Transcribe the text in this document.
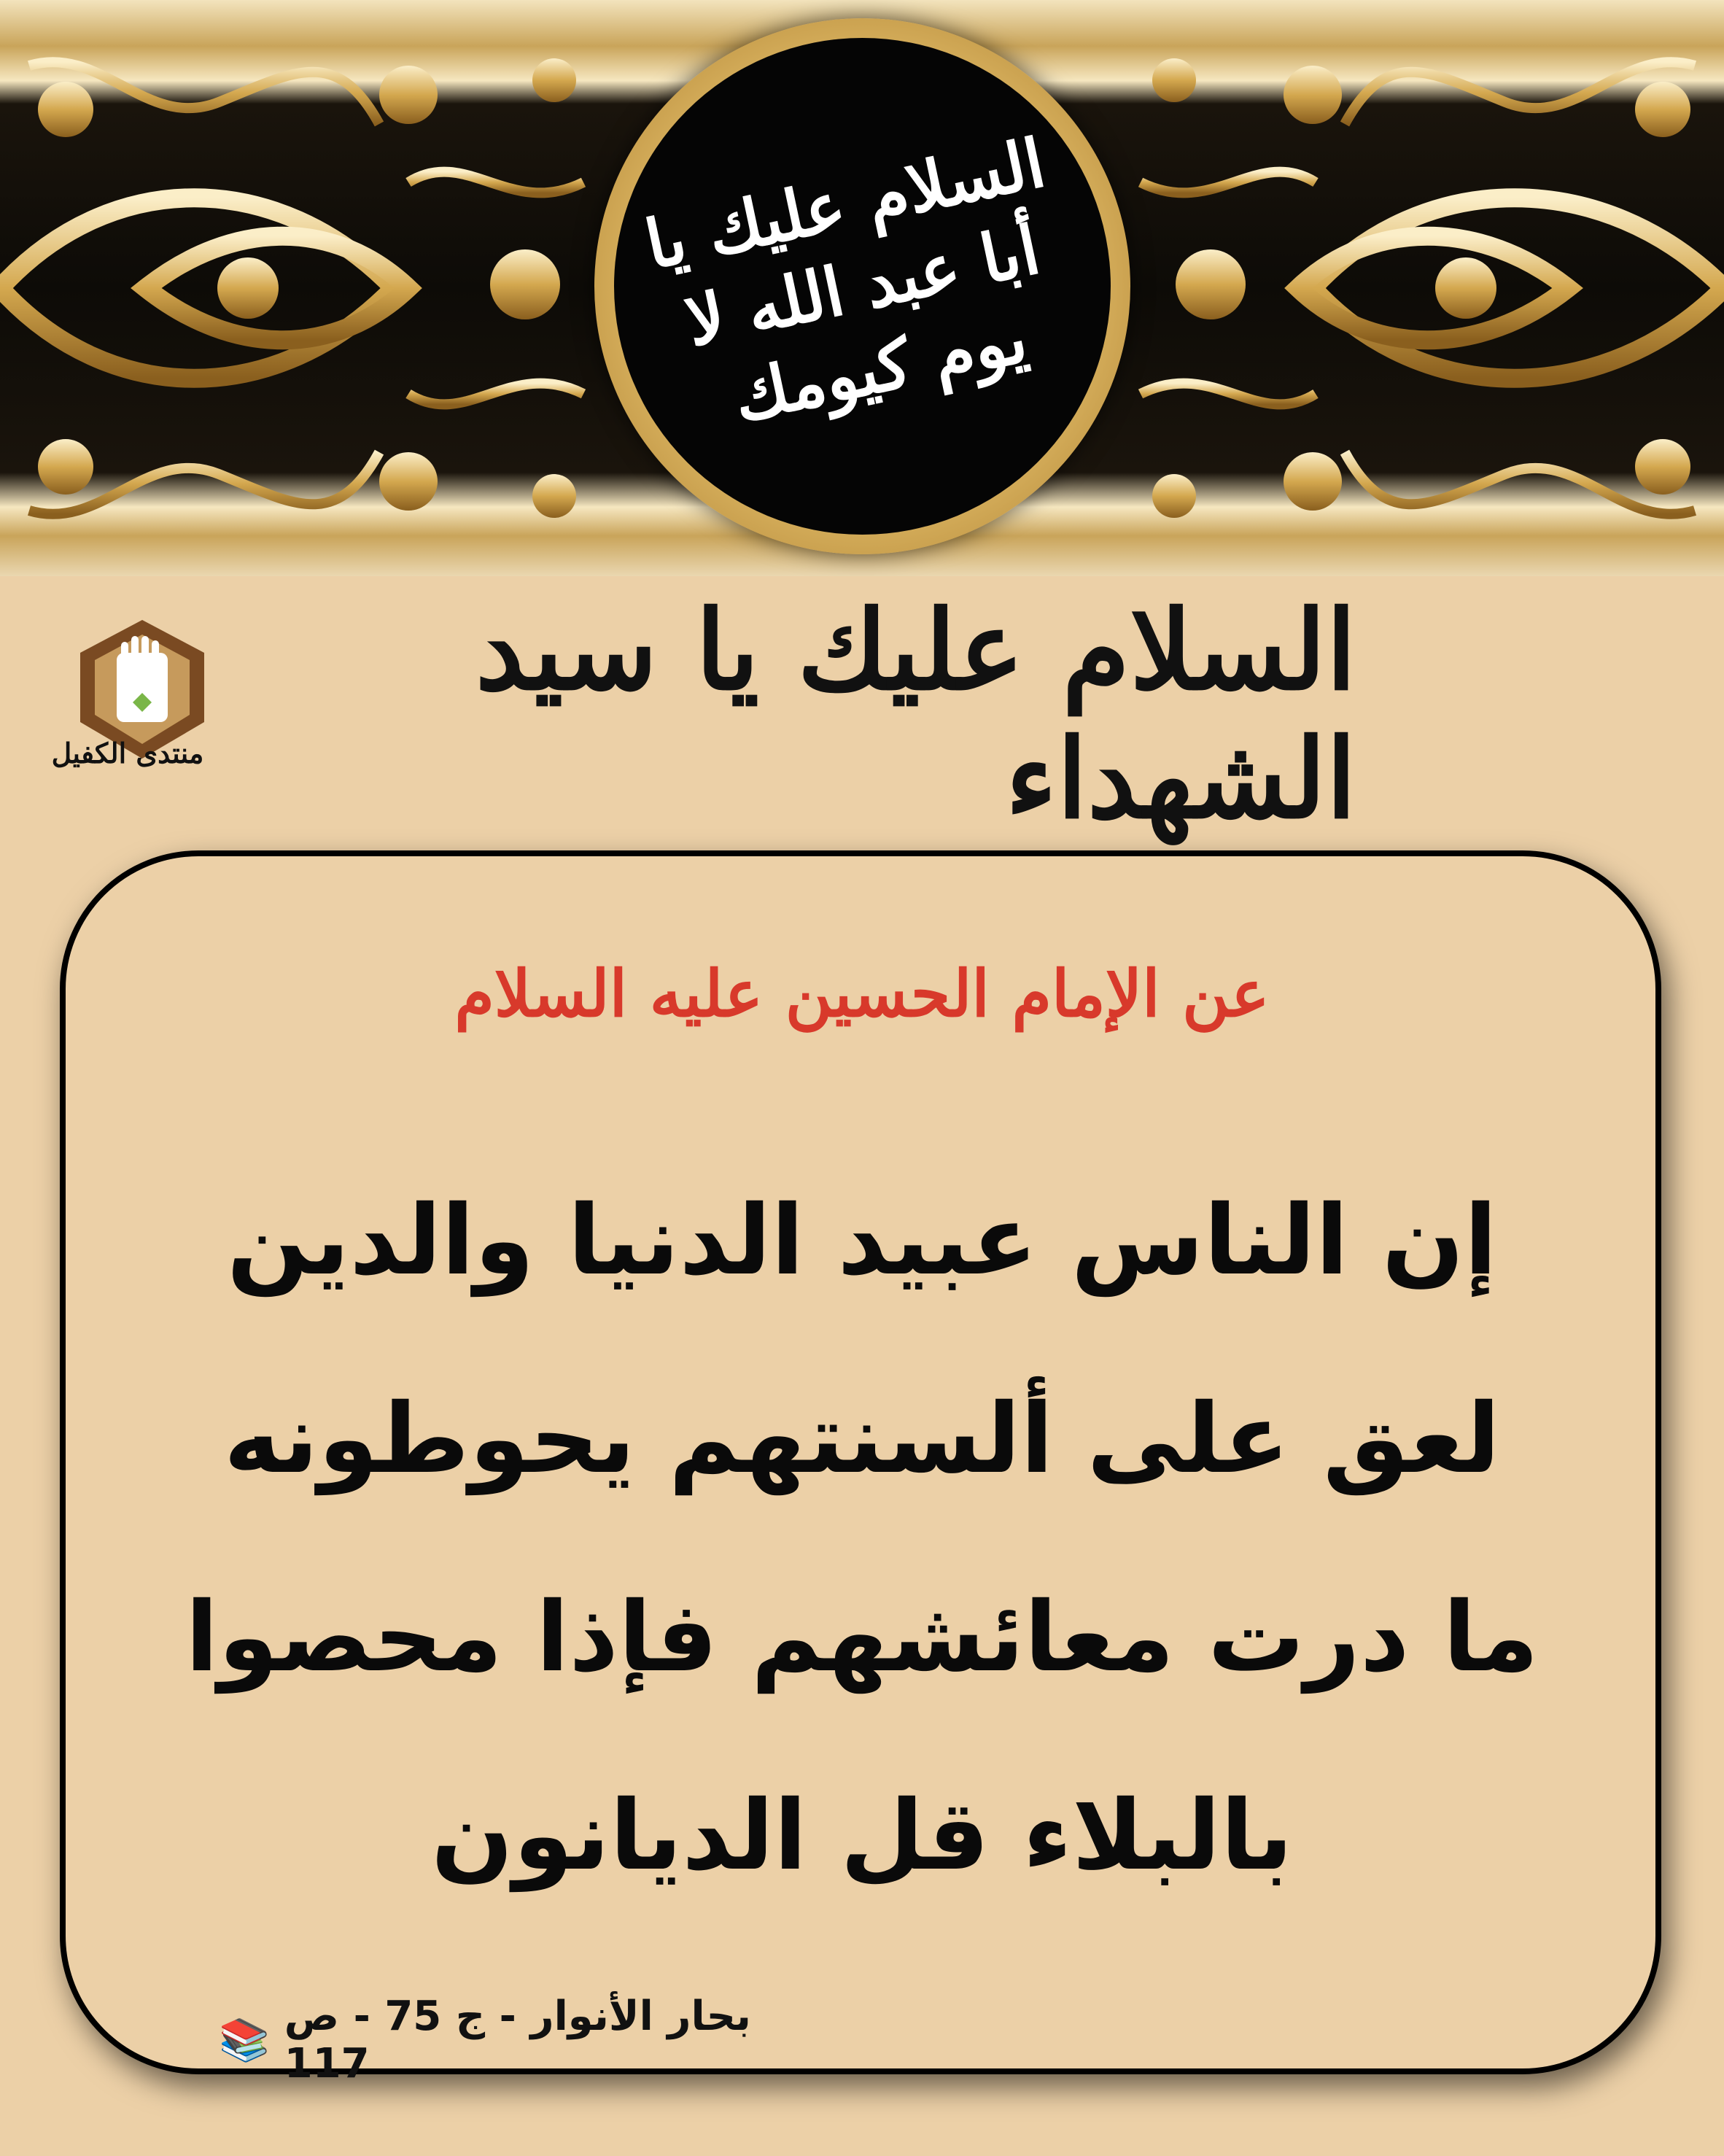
السلام عليك يا أبا عبد الله لا يوم كيومك
منتدى الكفيل
السلام عليك يا سيد الشهداء
عن الإمام الحسين عليه السلام
إن الناس عبيد الدنيا والدين
لعق على ألسنتهم يحوطونه
ما درت معائشهم فإذا محصوا
بالبلاء قل الديانون
بحار الأنوار - ج 75 - ص 117
📚
